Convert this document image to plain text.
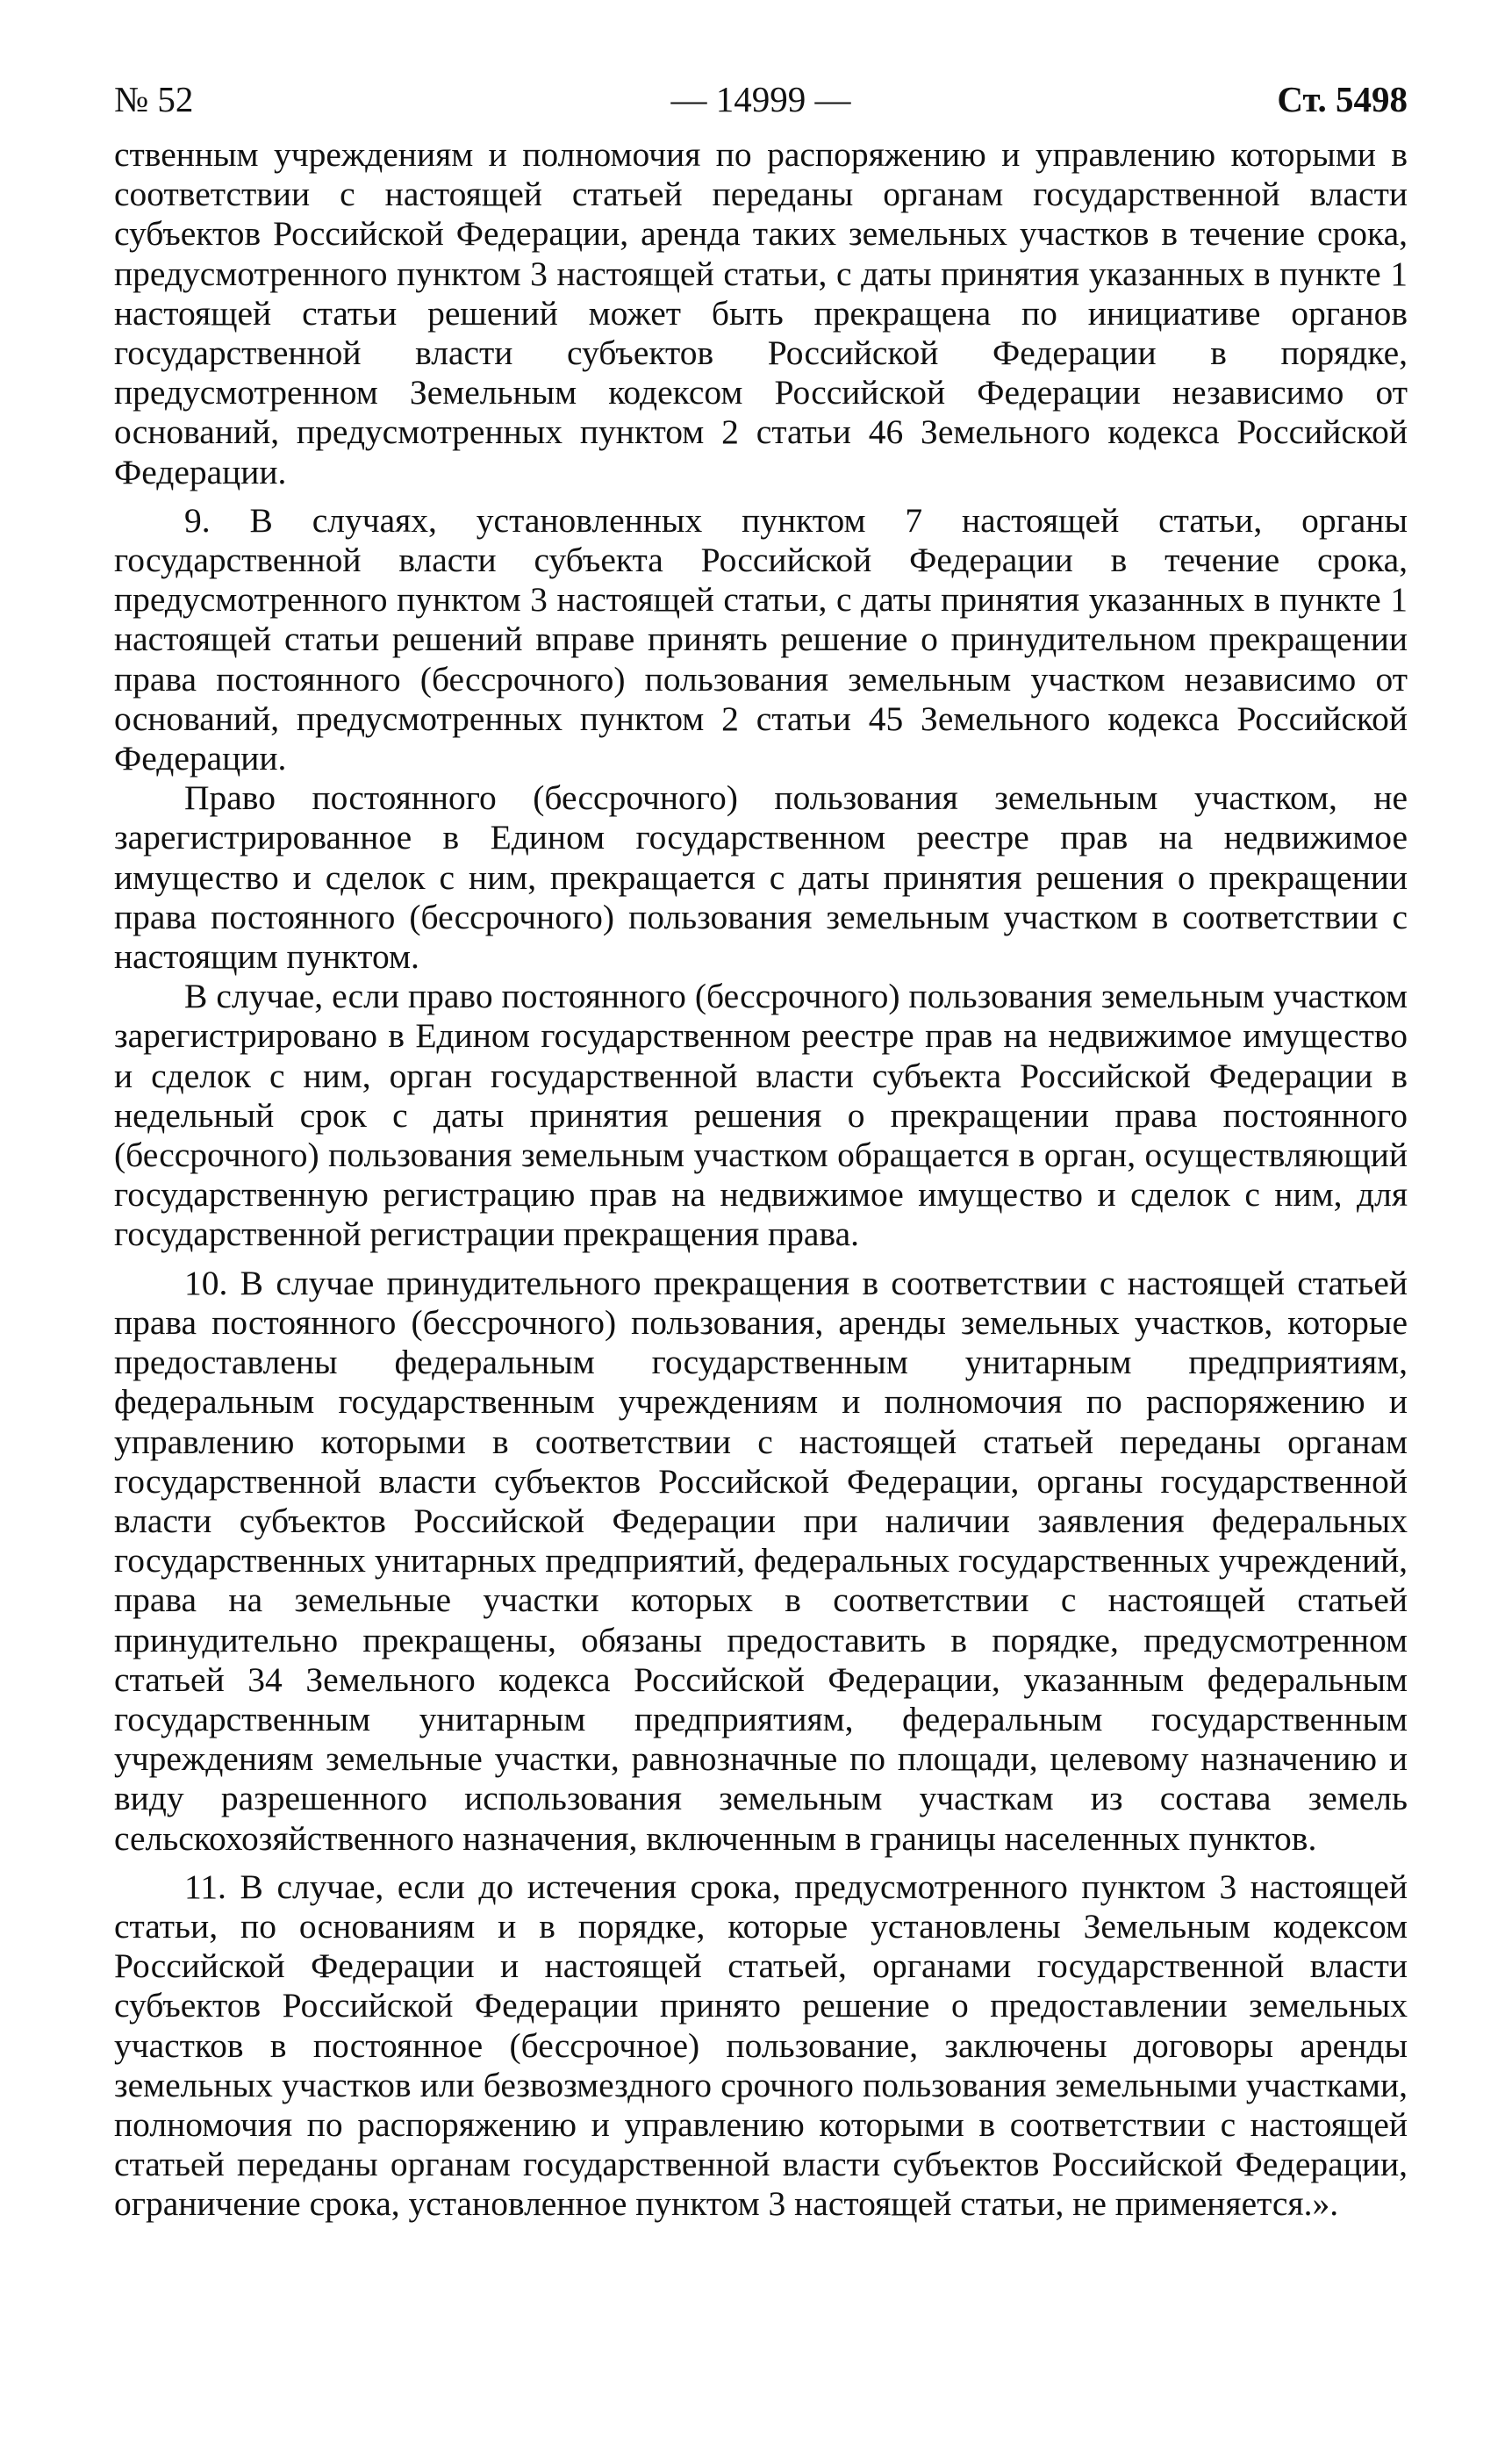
№ 52	— 14999 —	Ст. 5498

ственным учреждениям и полномочия по распоряжению и управлению которыми в соответствии с настоящей статьей переданы органам государственной власти субъектов Российской Федерации, аренда таких земельных участков в течение срока, предусмотренного пунктом 3 настоящей статьи, с даты принятия указанных в пункте 1 настоящей статьи решений может быть прекращена по инициативе органов государственной власти субъектов Российской Федерации в порядке, предусмотренном Земельным кодексом Российской Федерации независимо от оснований, предусмотренных пунктом 2 статьи 46 Земельного кодекса Российской Федерации.

9. В случаях, установленных пунктом 7 настоящей статьи, органы государственной власти субъекта Российской Федерации в течение срока, предусмотренного пунктом 3 настоящей статьи, с даты принятия указанных в пункте 1 настоящей статьи решений вправе принять решение о принудительном прекращении права постоянного (бессрочного) пользования земельным участком независимо от оснований, предусмотренных пунктом 2 статьи 45 Земельного кодекса Российской Федерации.

Право постоянного (бессрочного) пользования земельным участком, не зарегистрированное в Едином государственном реестре прав на недвижимое имущество и сделок с ним, прекращается с даты принятия решения о прекращении права постоянного (бессрочного) пользования земельным участком в соответствии с настоящим пунктом.

В случае, если право постоянного (бессрочного) пользования земельным участком зарегистрировано в Едином государственном реестре прав на недвижимое имущество и сделок с ним, орган государственной власти субъекта Российской Федерации в недельный срок с даты принятия решения о прекращении права постоянного (бессрочного) пользования земельным участком обращается в орган, осуществляющий государственную регистрацию прав на недвижимое имущество и сделок с ним, для государственной регистрации прекращения права.

10. В случае принудительного прекращения в соответствии с настоящей статьей права постоянного (бессрочного) пользования, аренды земельных участков, которые предоставлены федеральным государственным унитарным предприятиям, федеральным государственным учреждениям и полномочия по распоряжению и управлению которыми в соответствии с настоящей статьей переданы органам государственной власти субъектов Российской Федерации, органы государственной власти субъектов Российской Федерации при наличии заявления федеральных государственных унитарных предприятий, федеральных государственных учреждений, права на земельные участки которых в соответствии с настоящей статьей принудительно прекращены, обязаны предоставить в порядке, предусмотренном статьей 34 Земельного кодекса Российской Федерации, указанным федеральным государственным унитарным предприятиям, федеральным государственным учреждениям земельные участки, равнозначные по площади, целевому назначению и виду разрешенного использования земельным участкам из состава земель сельскохозяйственного назначения, включенным в границы населенных пунктов.

11. В случае, если до истечения срока, предусмотренного пунктом 3 настоящей статьи, по основаниям и в порядке, которые установлены Земельным кодексом Российской Федерации и настоящей статьей, органами государственной власти субъектов Российской Федерации принято решение о предоставлении земельных участков в постоянное (бессрочное) пользование, заключены договоры аренды земельных участков или безвозмездного срочного пользования земельными участками, полномочия по распоряжению и управлению которыми в соответствии с настоящей статьей переданы органам государственной власти субъектов Российской Федерации, ограничение срока, установленное пунктом 3 настоящей статьи, не применяется.».
